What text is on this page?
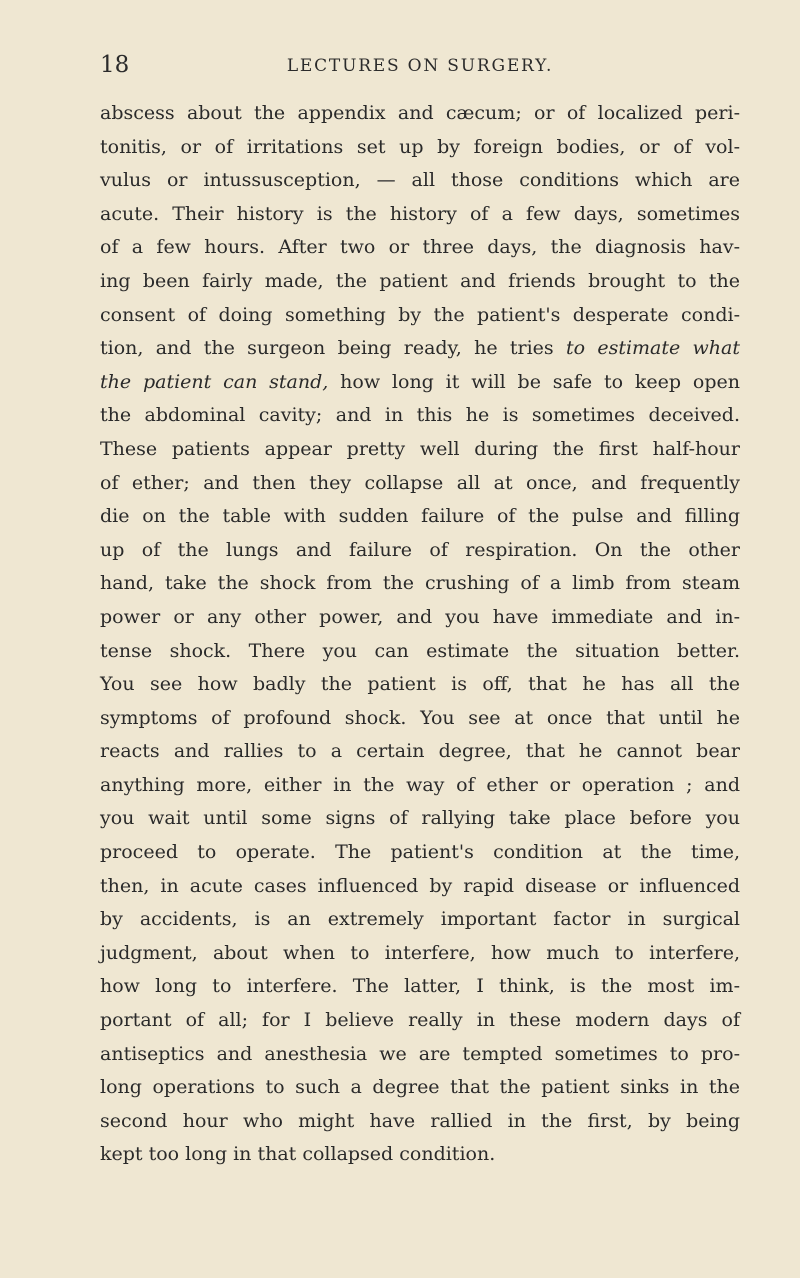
18	LECTURES ON SURGERY.
abscess about the appendix and cæcum; or of localized peri-
tonitis, or of irritations set up by foreign bodies, or of vol-
vulus or intussusception, — all those conditions which are
acute. Their history is the history of a few days, sometimes
of a few hours. After two or three days, the diagnosis hav-
ing been fairly made, the patient and friends brought to the
consent of doing something by the patient's desperate condi-
tion, and the surgeon being ready, he tries to estimate what
the patient can stand, how long it will be safe to keep open
the abdominal cavity; and in this he is sometimes deceived.
These patients appear pretty well during the first half-hour
of ether; and then they collapse all at once, and frequently
die on the table with sudden failure of the pulse and filling
up of the lungs and failure of respiration. On the other
hand, take the shock from the crushing of a limb from steam
power or any other power, and you have immediate and in-
tense shock. There you can estimate the situation better.
You see how badly the patient is off, that he has all the
symptoms of profound shock. You see at once that until he
reacts and rallies to a certain degree, that he cannot bear
anything more, either in the way of ether or operation ; and
you wait until some signs of rallying take place before you
proceed to operate. The patient's condition at the time,
then, in acute cases influenced by rapid disease or influenced
by accidents, is an extremely important factor in surgical
judgment, about when to interfere, how much to interfere,
how long to interfere. The latter, I think, is the most im-
portant of all; for I believe really in these modern days of
antiseptics and anesthesia we are tempted sometimes to pro-
long operations to such a degree that the patient sinks in the
second hour who might have rallied in the first, by being
kept too long in that collapsed condition.
